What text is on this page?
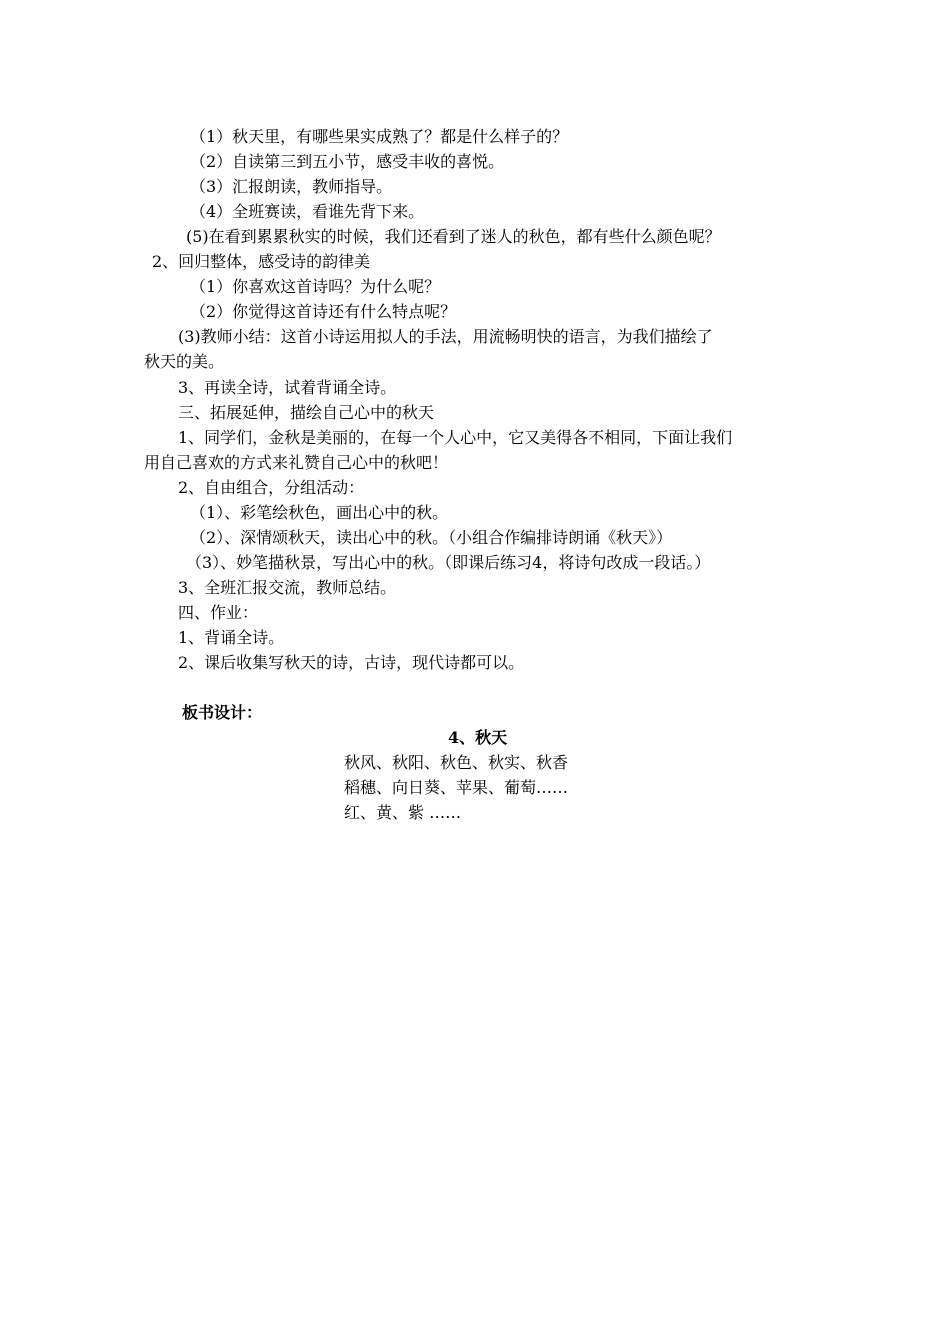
（1）秋天里，有哪些果实成熟了？都是什么样子的？
（2）自读第三到五小节，感受丰收的喜悦。
（3）汇报朗读，教师指导。
（4）全班赛读，看谁先背下来。
(5)在看到累累秋实的时候，我们还看到了迷人的秋色，都有些什么颜色呢？
2、回归整体，感受诗的韵律美
（1）你喜欢这首诗吗？为什么呢？
（2）你觉得这首诗还有什么特点呢？
(3)教师小结：这首小诗运用拟人的手法，用流畅明快的语言，为我们描绘了
秋天的美。
3、再读全诗，试着背诵全诗。
三、拓展延伸，描绘自己心中的秋天
1、同学们，金秋是美丽的，在每一个人心中，它又美得各不相同，下面让我们
用自己喜欢的方式来礼赞自己心中的秋吧！
2、自由组合，分组活动：
（1）、彩笔绘秋色，画出心中的秋。
（2）、深情颂秋天，读出心中的秋。（小组合作编排诗朗诵《秋天》）
（3）、妙笔描秋景，写出心中的秋。（即课后练习4，将诗句改成一段话。）
3、全班汇报交流，教师总结。
四、作业：
1、背诵全诗。
2、课后收集写秋天的诗，古诗，现代诗都可以。
板书设计：
4、秋天
秋风、秋阳、秋色、秋实、秋香
稻穗、向日葵、苹果、葡萄……
红、黄、紫 ……
